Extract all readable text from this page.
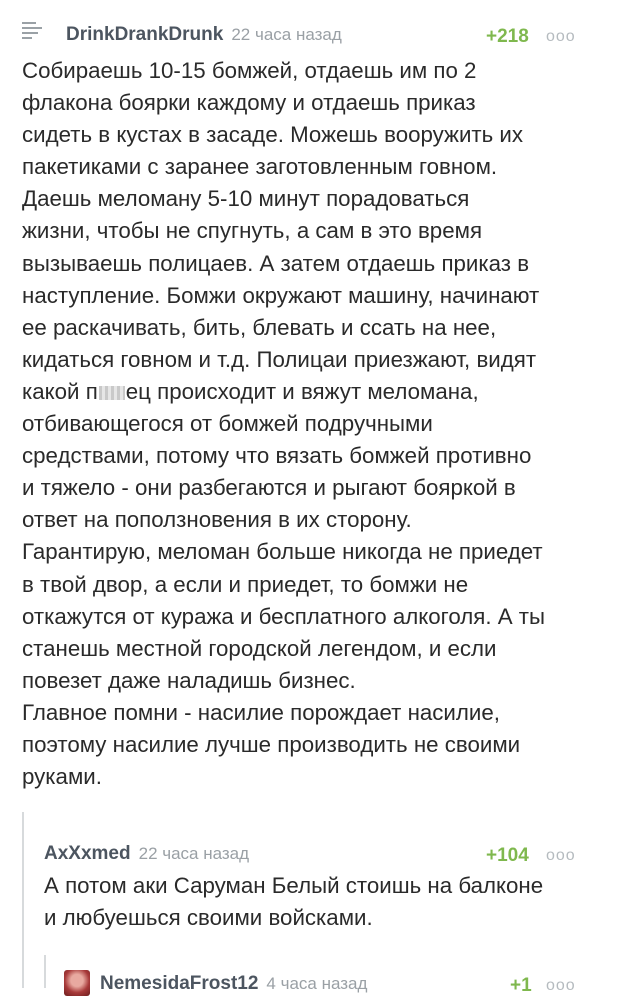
DrinkDrankDrunk 22 часа назад	+218 ooo
Собираешь 10-15 бомжей, отдаешь им по 2
флакона боярки каждому и отдаешь приказ
сидеть в кустах в засаде. Можешь вооружить их
пакетиками с заранее заготовленным говном.
Даешь меломану 5-10 минут порадоваться
жизни, чтобы не спугнуть, а сам в это время
вызываешь полицаев. А затем отдаешь приказ в
наступление. Бомжи окружают машину, начинают
ее раскачивать, бить, блевать и ссать на нее,
кидаться говном и т.д. Полицаи приезжают, видят
какой п ец происходит и вяжут меломана,
отбивающегося от бомжей подручными
средствами, потому что вязать бомжей противно
и тяжело - они разбегаются и рыгают бояркой в
ответ на поползновения в их сторону.
Гарантирую, меломан больше никогда не приедет
в твой двор, а если и приедет, то бомжи не
откажутся от куража и бесплатного алкоголя. А ты
станешь местной городской легендом, и если
повезет даже наладишь бизнес.
Главное помни - насилие порождает насилие,
поэтому насилие лучше производить не своими
руками.
AxXxmed 22 часа назад	+104 ooo
А потом аки Саруман Белый стоишь на балконе
и любуешься своими войсками.
NemesidaFrost12 4 часа назад	+1 ooo
